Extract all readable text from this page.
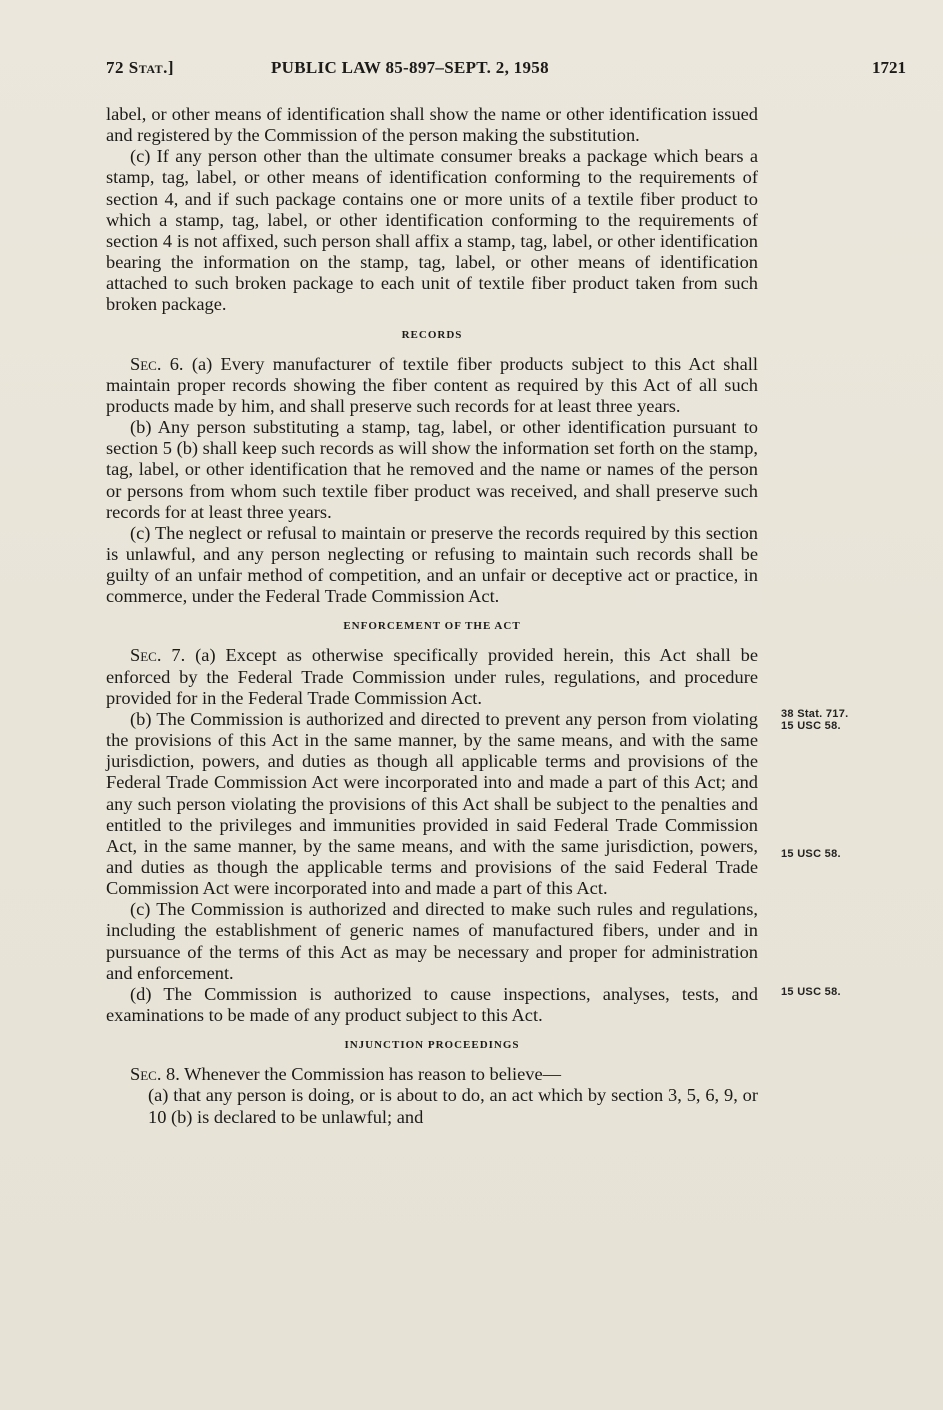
72 Stat.]	PUBLIC LAW 85-897–SEPT. 2, 1958	1721

label, or other means of identification shall show the name or other identification issued and registered by the Commission of the person making the substitution.

(c) If any person other than the ultimate consumer breaks a package which bears a stamp, tag, label, or other means of identification conforming to the requirements of section 4, and if such package contains one or more units of a textile fiber product to which a stamp, tag, label, or other identification conforming to the requirements of section 4 is not affixed, such person shall affix a stamp, tag, label, or other identification bearing the information on the stamp, tag, label, or other means of identification attached to such broken package to each unit of textile fiber product taken from such broken package.

RECORDS

Sec. 6. (a) Every manufacturer of textile fiber products subject to this Act shall maintain proper records showing the fiber content as required by this Act of all such products made by him, and shall preserve such records for at least three years.

(b) Any person substituting a stamp, tag, label, or other identification pursuant to section 5 (b) shall keep such records as will show the information set forth on the stamp, tag, label, or other identification that he removed and the name or names of the person or persons from whom such textile fiber product was received, and shall preserve such records for at least three years.

(c) The neglect or refusal to maintain or preserve the records required by this section is unlawful, and any person neglecting or refusing to maintain such records shall be guilty of an unfair method of competition, and an unfair or deceptive act or practice, in commerce, under the Federal Trade Commission Act.

ENFORCEMENT OF THE ACT

Sec. 7. (a) Except as otherwise specifically provided herein, this Act shall be enforced by the Federal Trade Commission under rules, regulations, and procedure provided for in the Federal Trade Commission Act.

(b) The Commission is authorized and directed to prevent any person from violating the provisions of this Act in the same manner, by the same means, and with the same jurisdiction, powers, and duties as though all applicable terms and provisions of the Federal Trade Commission Act were incorporated into and made a part of this Act; and any such person violating the provisions of this Act shall be subject to the penalties and entitled to the privileges and immunities provided in said Federal Trade Commission Act, in the same manner, by the same means, and with the same jurisdiction, powers, and duties as though the applicable terms and provisions of the said Federal Trade Commission Act were incorporated into and made a part of this Act.

(c) The Commission is authorized and directed to make such rules and regulations, including the establishment of generic names of manufactured fibers, under and in pursuance of the terms of this Act as may be necessary and proper for administration and enforcement.

(d) The Commission is authorized to cause inspections, analyses, tests, and examinations to be made of any product subject to this Act.

INJUNCTION PROCEEDINGS

Sec. 8. Whenever the Commission has reason to believe—

(a) that any person is doing, or is about to do, an act which by section 3, 5, 6, 9, or 10 (b) is declared to be unlawful; and

38 Stat. 717.
15 USC 58.
15 USC 58.
15 USC 58.
